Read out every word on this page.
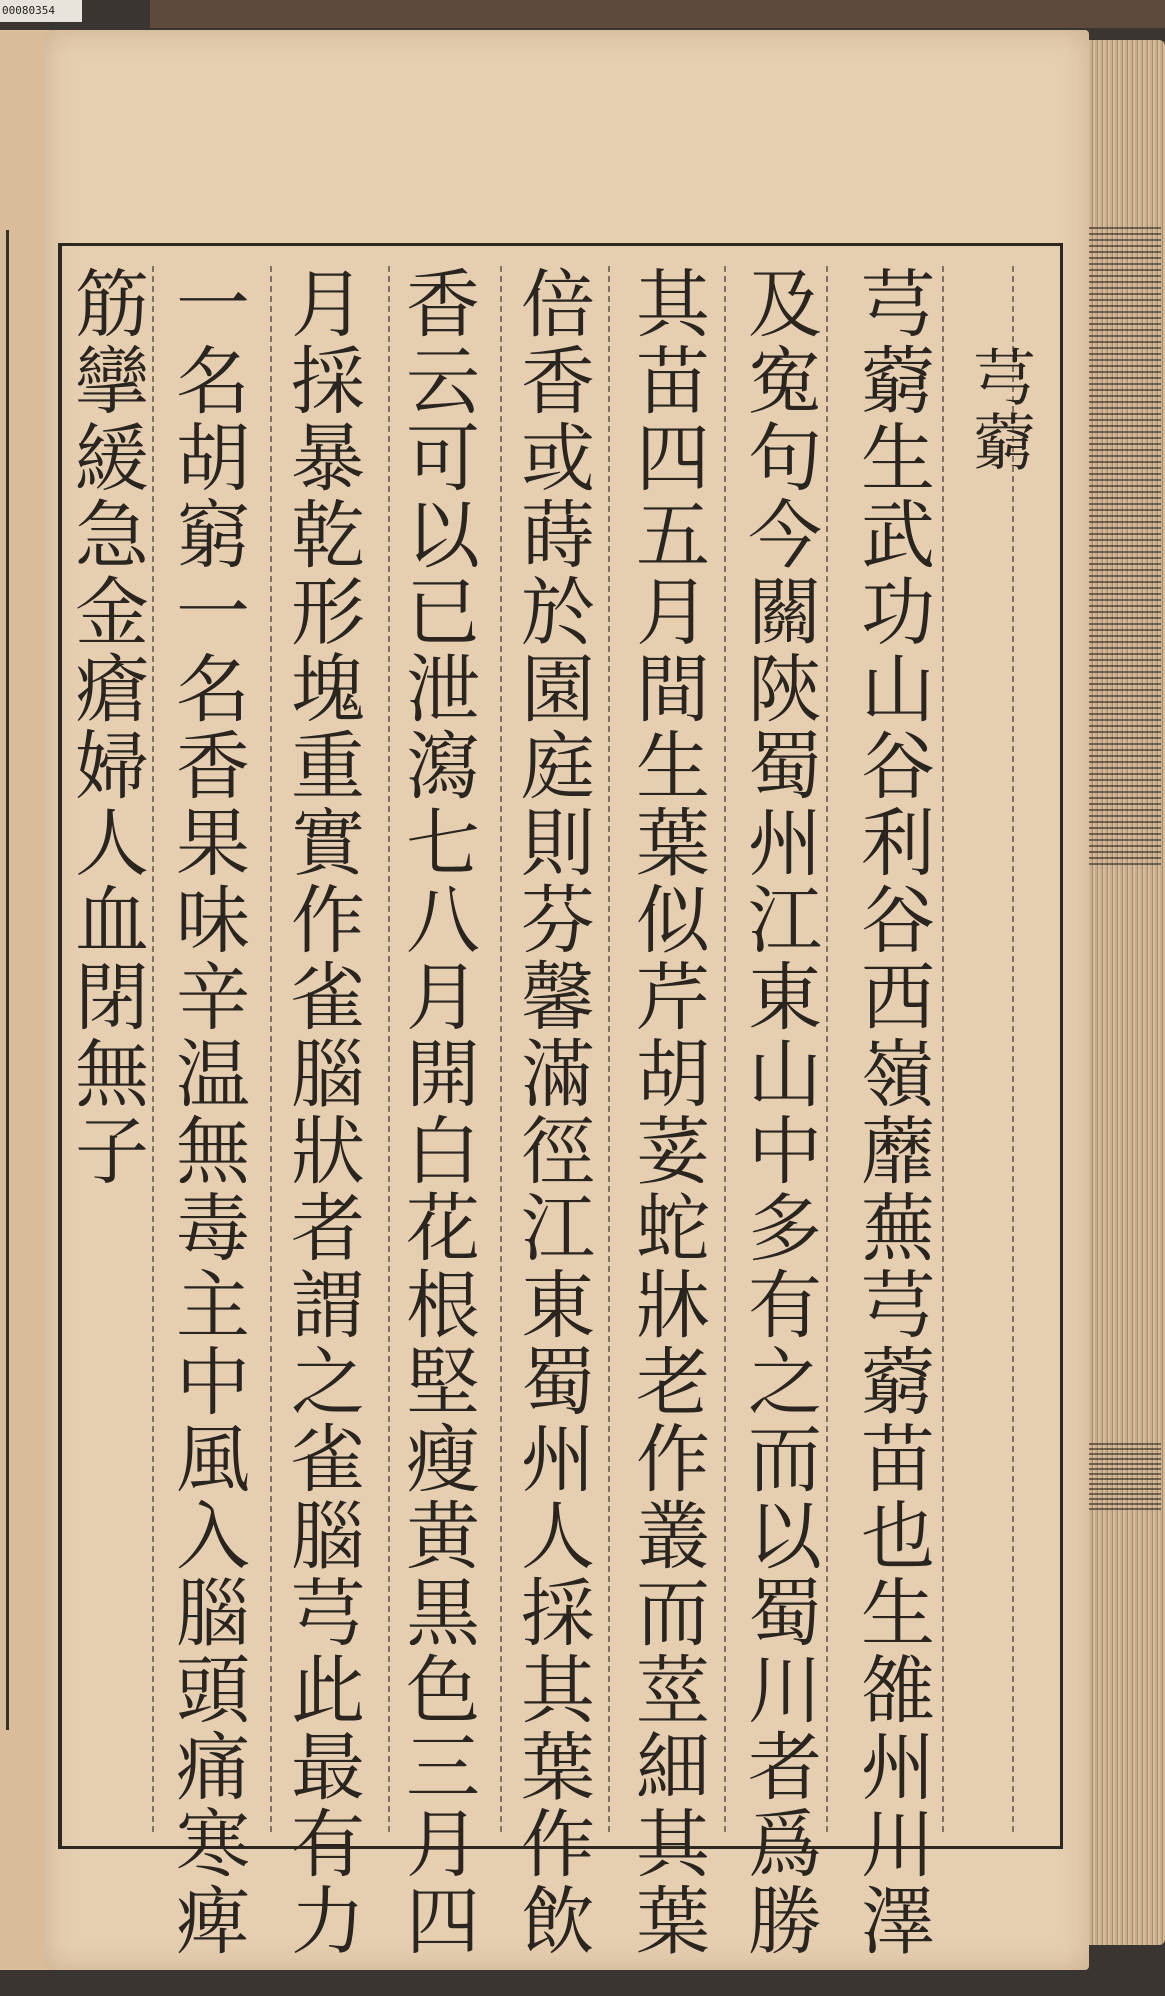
00080354
芎藭
芎藭生武功山谷利谷西嶺蘼蕪芎藭苗也生雒州川澤
及寃句今關陝蜀州江東山中多有之而以蜀川者爲勝
其苗四五月間生葉似芹胡荽蛇牀老作叢而莖細其葉
倍香或蒔於園庭則芬馨滿徑江東蜀州人採其葉作飲
香云可以已泄瀉七八月開白花根堅瘦黄黒色三月四
月採暴乾形塊重實作雀腦狀者謂之雀腦芎此最有力
一名胡窮一名香果味辛温無毒主中風入腦頭痛寒痺
筋攣緩急金瘡婦人血閉無子
